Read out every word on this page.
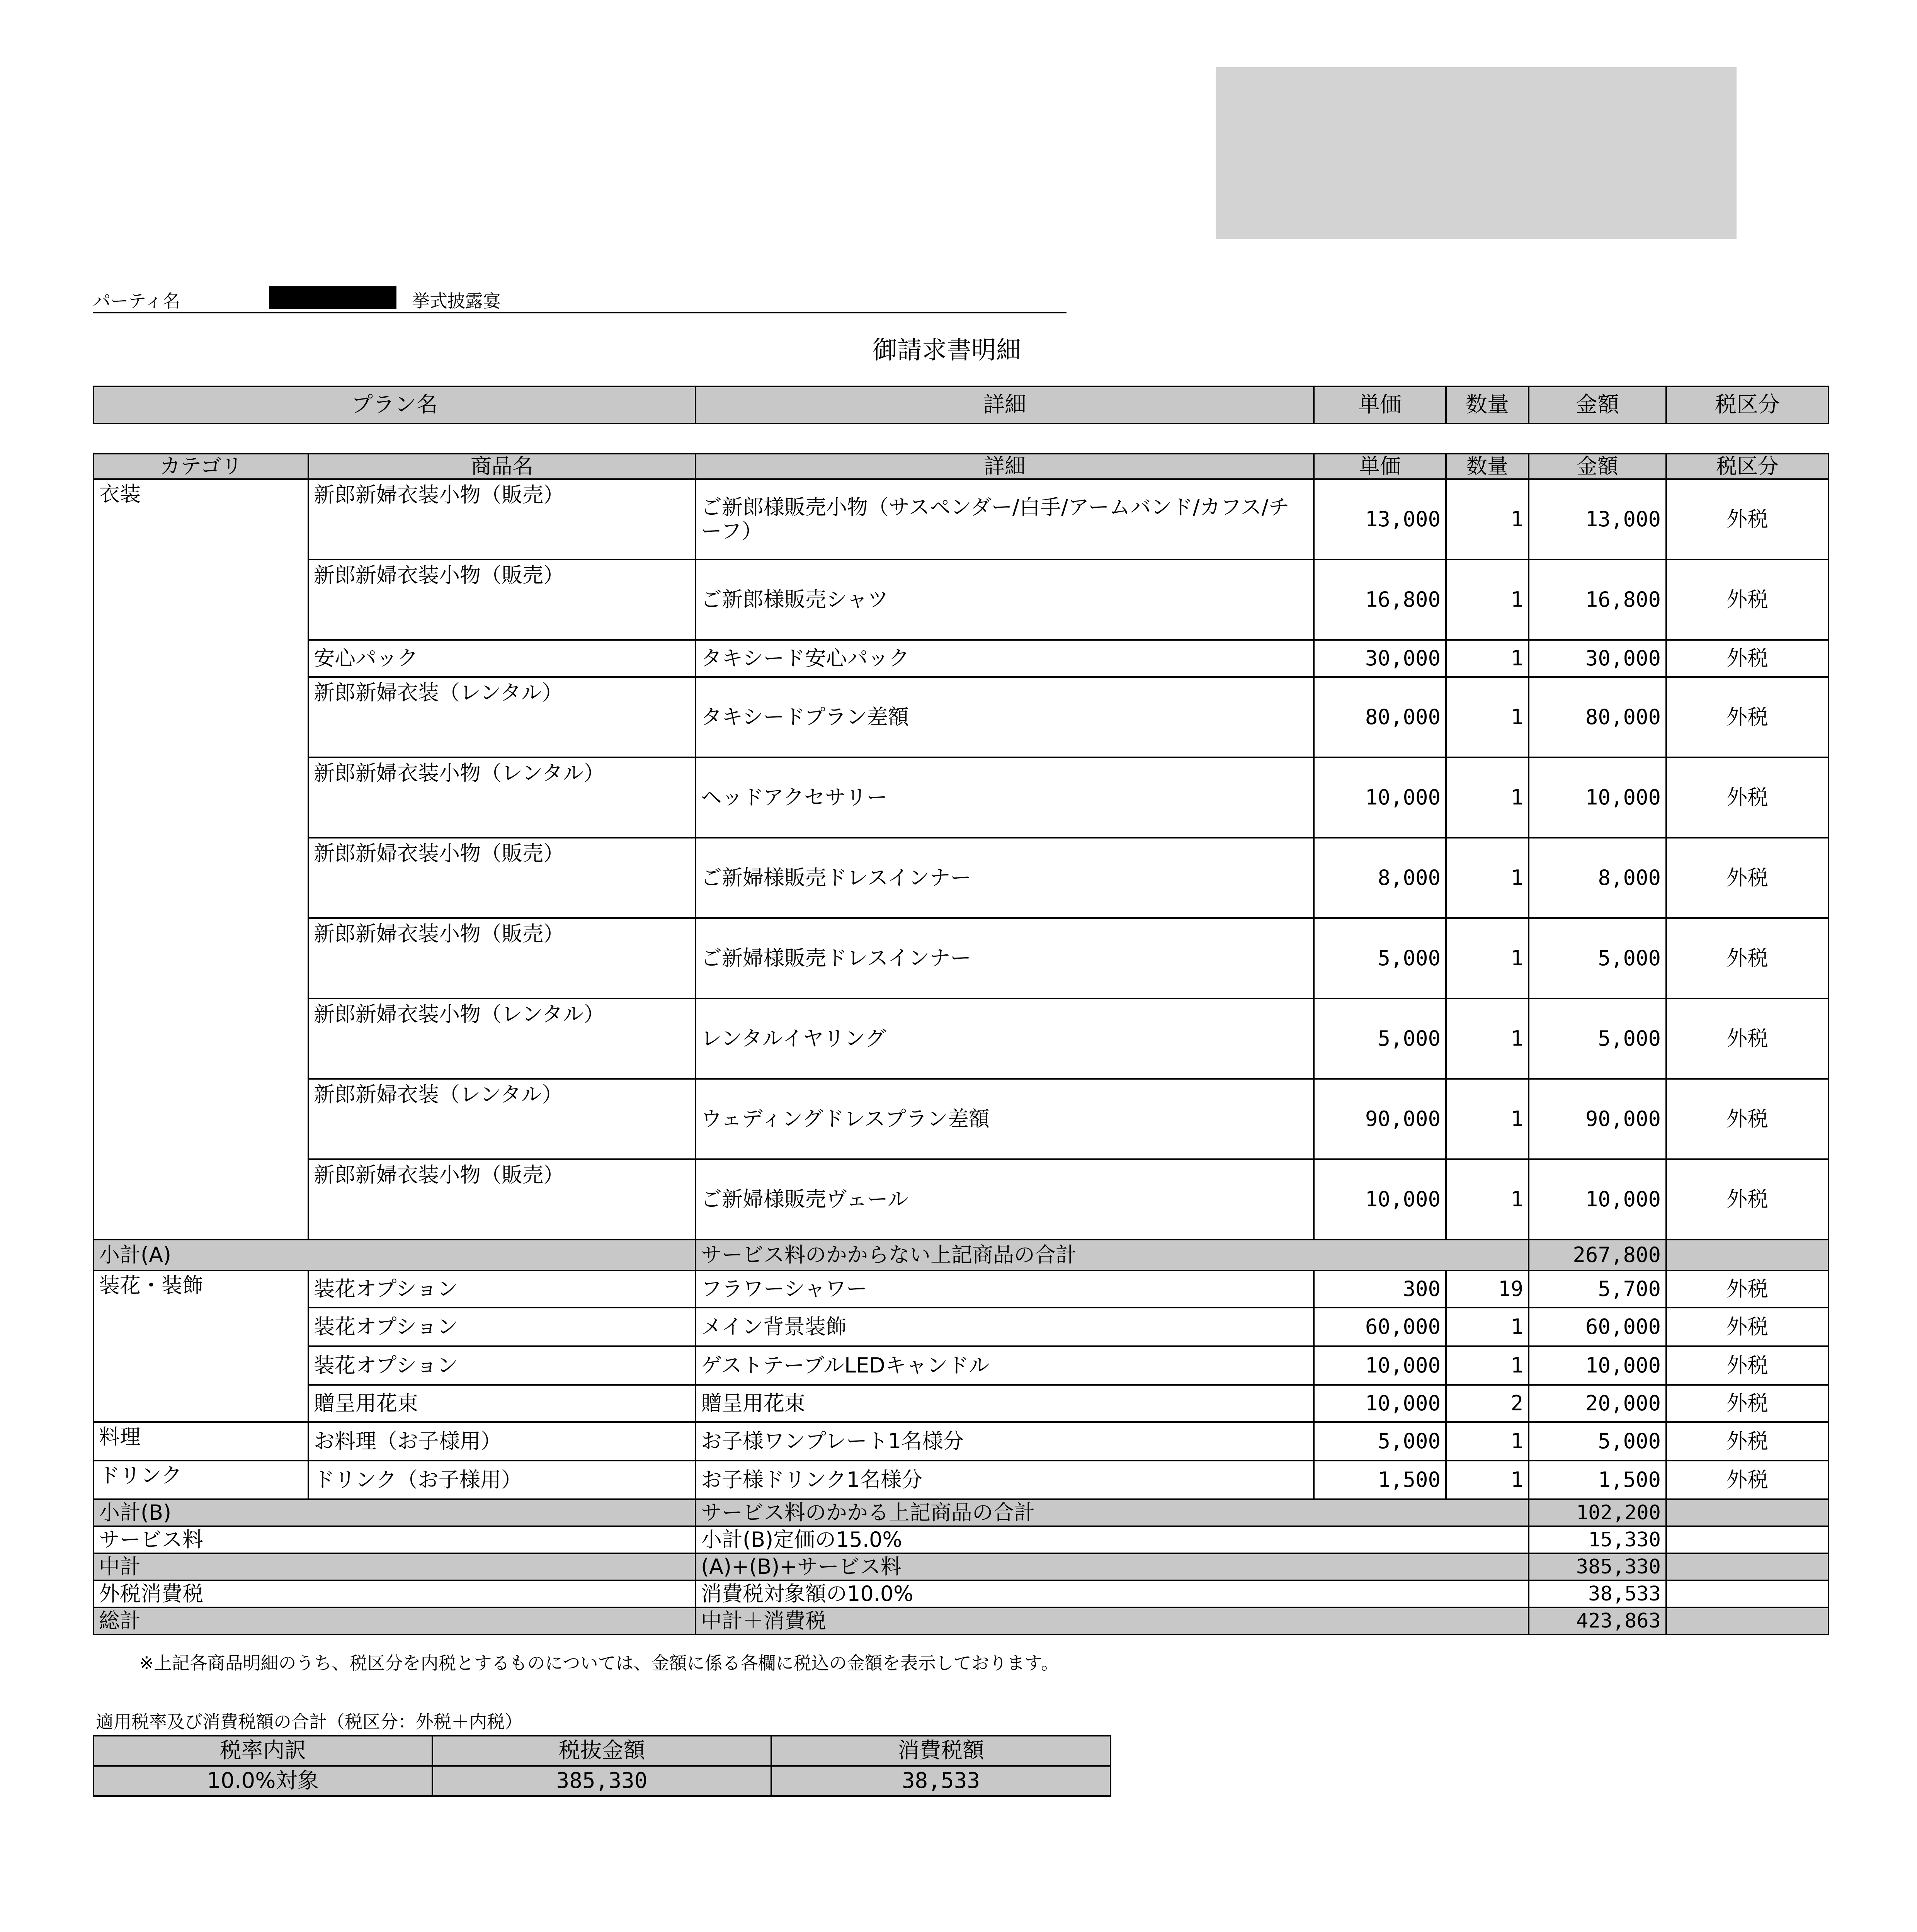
パーティ名	挙式披露宴
御請求書明細
プラン名	詳細	単価	数量	金額	税区分
カテゴリ	商品名	詳細	単価	数量	金額	税区分
衣装	新郎新婦衣装小物（販売）	ご新郎様販売小物（サスペンダー/白手/アームバンド/カフス/チーフ）	13,000	1	13,000	外税
	新郎新婦衣装小物（販売）	ご新郎様販売シャツ	16,800	1	16,800	外税
	安心パック	タキシード安心パック	30,000	1	30,000	外税
	新郎新婦衣装（レンタル）	タキシードプラン差額	80,000	1	80,000	外税
	新郎新婦衣装小物（レンタル）	ヘッドアクセサリー	10,000	1	10,000	外税
	新郎新婦衣装小物（販売）	ご新婦様販売ドレスインナー	8,000	1	8,000	外税
	新郎新婦衣装小物（販売）	ご新婦様販売ドレスインナー	5,000	1	5,000	外税
	新郎新婦衣装小物（レンタル）	レンタルイヤリング	5,000	1	5,000	外税
	新郎新婦衣装（レンタル）	ウェディングドレスプラン差額	90,000	1	90,000	外税
	新郎新婦衣装小物（販売）	ご新婦様販売ヴェール	10,000	1	10,000	外税
小計(A)		サービス料のかからない上記商品の合計			267,800	
装花・装飾	装花オプション	フラワーシャワー	300	19	5,700	外税
	装花オプション	メイン背景装飾	60,000	1	60,000	外税
	装花オプション	ゲストテーブルLEDキャンドル	10,000	1	10,000	外税
	贈呈用花束	贈呈用花束	10,000	2	20,000	外税
料理	お料理（お子様用）	お子様ワンプレート1名様分	5,000	1	5,000	外税
ドリンク	ドリンク（お子様用）	お子様ドリンク1名様分	1,500	1	1,500	外税
小計(B)		サービス料のかかる上記商品の合計			102,200	
サービス料		小計(B)定価の15.0%			15,330	
中計		(A)+(B)+サービス料			385,330	
外税消費税		消費税対象額の10.0%			38,533	
総計		中計＋消費税			423,863	
※上記各商品明細のうち、税区分を内税とするものについては、金額に係る各欄に税込の金額を表示しております。
適用税率及び消費税額の合計（税区分：外税＋内税）
税率内訳	税抜金額	消費税額
10.0%対象	385,330	38,533
